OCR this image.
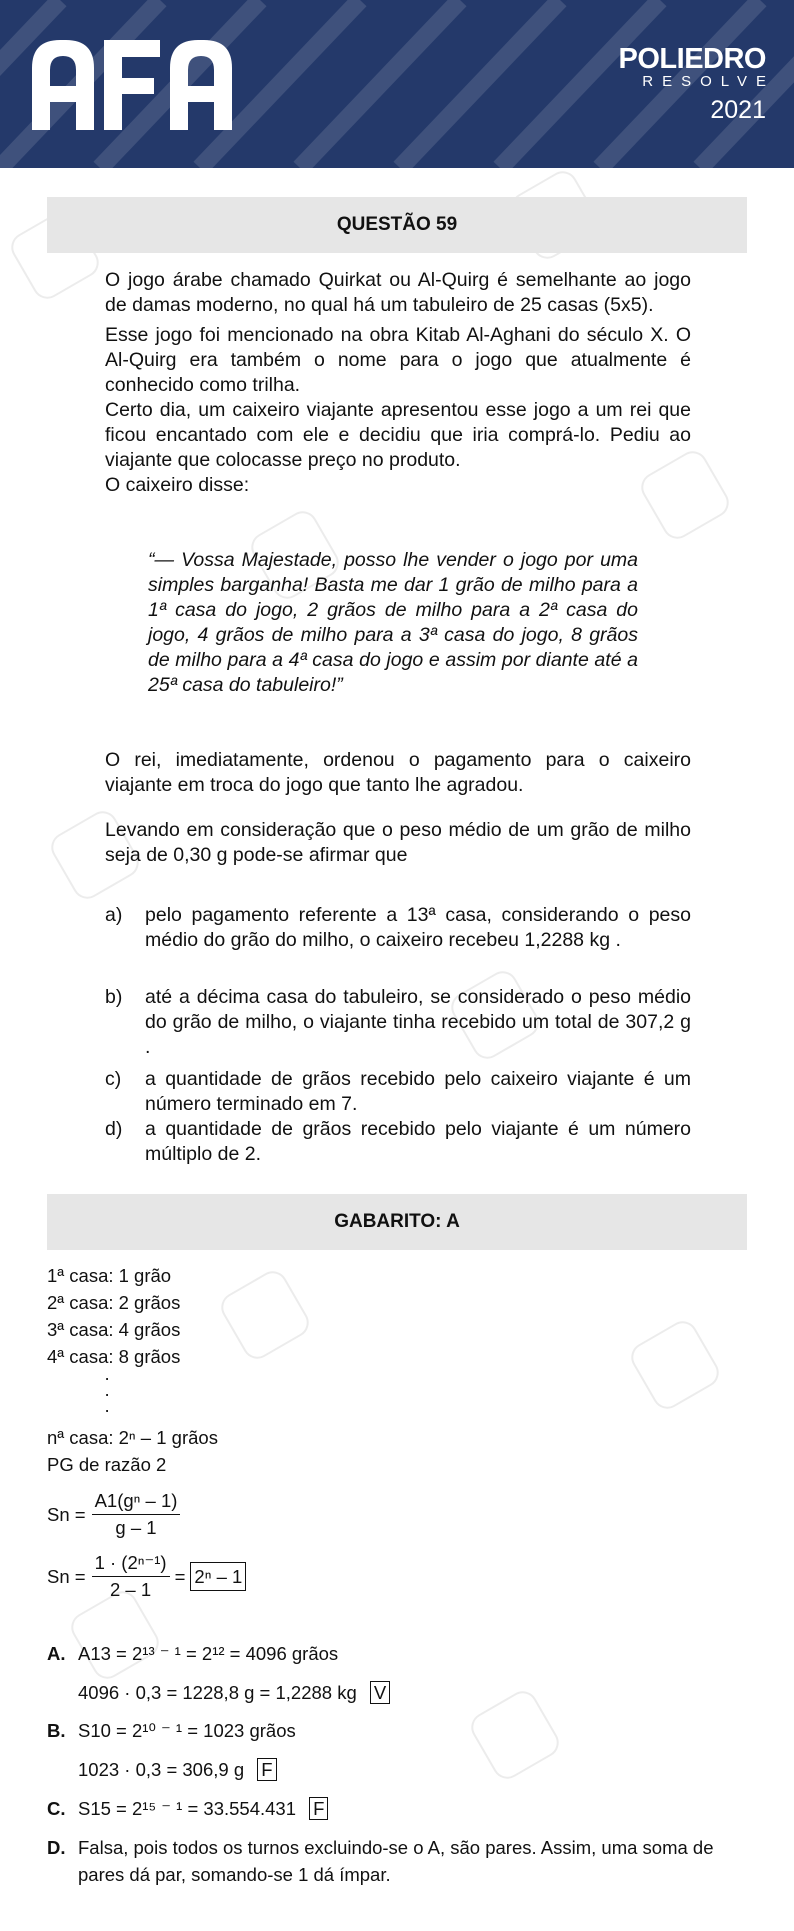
POLIEDRO
RESOLVE
2021
QUESTÃO 59

O jogo árabe chamado Quirkat ou Al-Quirg é semelhante ao jogo de damas moderno, no qual há um tabuleiro de 25 casas (5x5).

Esse jogo foi mencionado na obra Kitab Al-Aghani do século X. O Al-Quirg era também o nome para o jogo que atualmente é conhecido como trilha.

Certo dia, um caixeiro viajante apresentou esse jogo a um rei que ficou encantado com ele e decidiu que iria comprá-lo. Pediu ao viajante que colocasse preço no produto.

O caixeiro disse:

“— Vossa Majestade, posso lhe vender o jogo por uma simples barganha! Basta me dar 1 grão de milho para a 1ª casa do jogo, 2 grãos de milho para a 2ª casa do jogo, 4 grãos de milho para a 3ª casa do jogo, 8 grãos de milho para a 4ª casa do jogo e assim por diante até a 25ª casa do tabuleiro!”

O rei, imediatamente, ordenou o pagamento para o caixeiro viajante em troca do jogo que tanto lhe agradou.

Levando em consideração que o peso médio de um grão de milho seja de 0,30 g pode-se afirmar que

a)	pelo pagamento referente a 13ª casa, considerando o peso médio do grão do milho, o caixeiro recebeu 1,2288 kg .
b)	até a décima casa do tabuleiro, se considerado o peso médio do grão de milho, o viajante tinha recebido um total de 307,2 g .
c)	a quantidade de grãos recebido pelo caixeiro viajante é um número terminado em 7.
d)	a quantidade de grãos recebido pelo viajante é um número múltiplo de 2.
GABARITO: A
1ª casa: 1 grão
2ª casa: 2 grãos
3ª casa: 4 grãos
4ª casa: 8 grãos
·
·
·
nª casa: 2ⁿ – 1 grãos
PG de razão 2
$Sn = \frac{\text{A1(gⁿ – 1)}}{g - 1}$
$Sn = \frac{\text{1 · (2ⁿ⁻¹)}}{2 - 1} = 2^n - 1$
A. A13 = 2¹³ ⁻ ¹ = 2¹² = 4096 grãos
4096 · 0,3 = 1228,8 g = 1,2288 kg V
B. S10 = 2¹⁰ ⁻ ¹ = 1023 grãos
1023 · 0,3 = 306,9 g F
C. S15 = 2¹⁵ ⁻ ¹ = 33.554.431 F
D. Falsa, pois todos os turnos excluindo-se o A, são pares. Assim, uma soma de pares dá par, somando-se 1 dá ímpar.
